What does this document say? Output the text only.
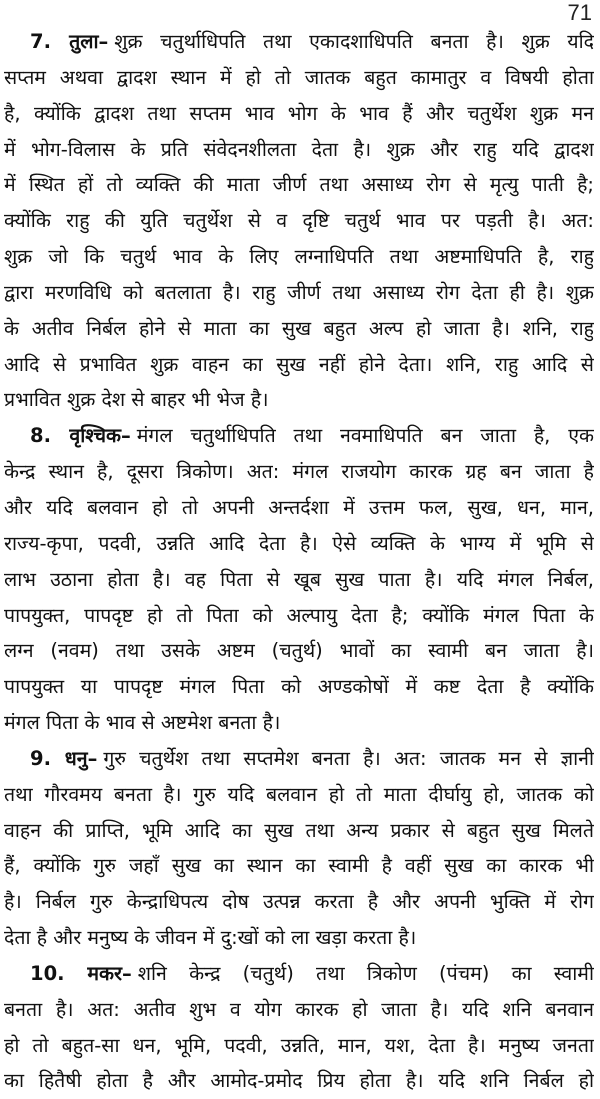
71
7. तुला– शुक्र चतुर्थाधिपति तथा एकादशाधिपति बनता है। शुक्र यदि
सप्तम अथवा द्वादश स्थान में हो तो जातक बहुत कामातुर व विषयी होता
है, क्योंकि द्वादश तथा सप्तम भाव भोग के भाव हैं और चतुर्थेश शुक्र मन
में भोग-विलास के प्रति संवेदनशीलता देता है। शुक्र और राहु यदि द्वादश
में स्थित हों तो व्यक्ति की माता जीर्ण तथा असाध्य रोग से मृत्यु पाती है;
क्योंकि राहु की युति चतुर्थेश से व दृष्टि चतुर्थ भाव पर पड़ती है। अत:
शुक्र जो कि चतुर्थ भाव के लिए लग्नाधिपति तथा अष्टमाधिपति है, राहु
द्वारा मरणविधि को बतलाता है। राहु जीर्ण तथा असाध्य रोग देता ही है। शुक्र
के अतीव निर्बल होने से माता का सुख बहुत अल्प हो जाता है। शनि, राहु
आदि से प्रभावित शुक्र वाहन का सुख नहीं होने देता। शनि, राहु आदि से
प्रभावित शुक्र देश से बाहर भी भेज है।
8. वृश्चिक– मंगल चतुर्थाधिपति तथा नवमाधिपति बन जाता है, एक
केन्द्र स्थान है, दूसरा त्रिकोण। अत: मंगल राजयोग कारक ग्रह बन जाता है
और यदि बलवान हो तो अपनी अन्तर्दशा में उत्तम फल, सुख, धन, मान,
राज्य-कृपा, पदवी, उन्नति आदि देता है। ऐसे व्यक्ति के भाग्य में भूमि से
लाभ उठाना होता है। वह पिता से खूब सुख पाता है। यदि मंगल निर्बल,
पापयुक्त, पापदृष्ट हो तो पिता को अल्पायु देता है; क्योंकि मंगल पिता के
लग्न (नवम) तथा उसके अष्टम (चतुर्थ) भावों का स्वामी बन जाता है।
पापयुक्त या पापदृष्ट मंगल पिता को अण्डकोषों में कष्ट देता है क्योंकि
मंगल पिता के भाव से अष्टमेश बनता है।
9. धनु– गुरु चतुर्थेश तथा सप्तमेश बनता है। अत: जातक मन से ज्ञानी
तथा गौरवमय बनता है। गुरु यदि बलवान हो तो माता दीर्घायु हो, जातक को
वाहन की प्राप्ति, भूमि आदि का सुख तथा अन्य प्रकार से बहुत सुख मिलते
हैं, क्योंकि गुरु जहाँ सुख का स्थान का स्वामी है वहीं सुख का कारक भी
है। निर्बल गुरु केन्द्राधिपत्य दोष उत्पन्न करता है और अपनी भुक्ति में रोग
देता है और मनुष्य के जीवन में दु:खों को ला खड़ा करता है।
10. मकर– शनि केन्द्र (चतुर्थ) तथा त्रिकोण (पंचम) का स्वामी
बनता है। अत: अतीव शुभ व योग कारक हो जाता है। यदि शनि बनवान
हो तो बहुत-सा धन, भूमि, पदवी, उन्नति, मान, यश, देता है। मनुष्य जनता
का हितैषी होता है और आमोद-प्रमोद प्रिय होता है। यदि शनि निर्बल हो
